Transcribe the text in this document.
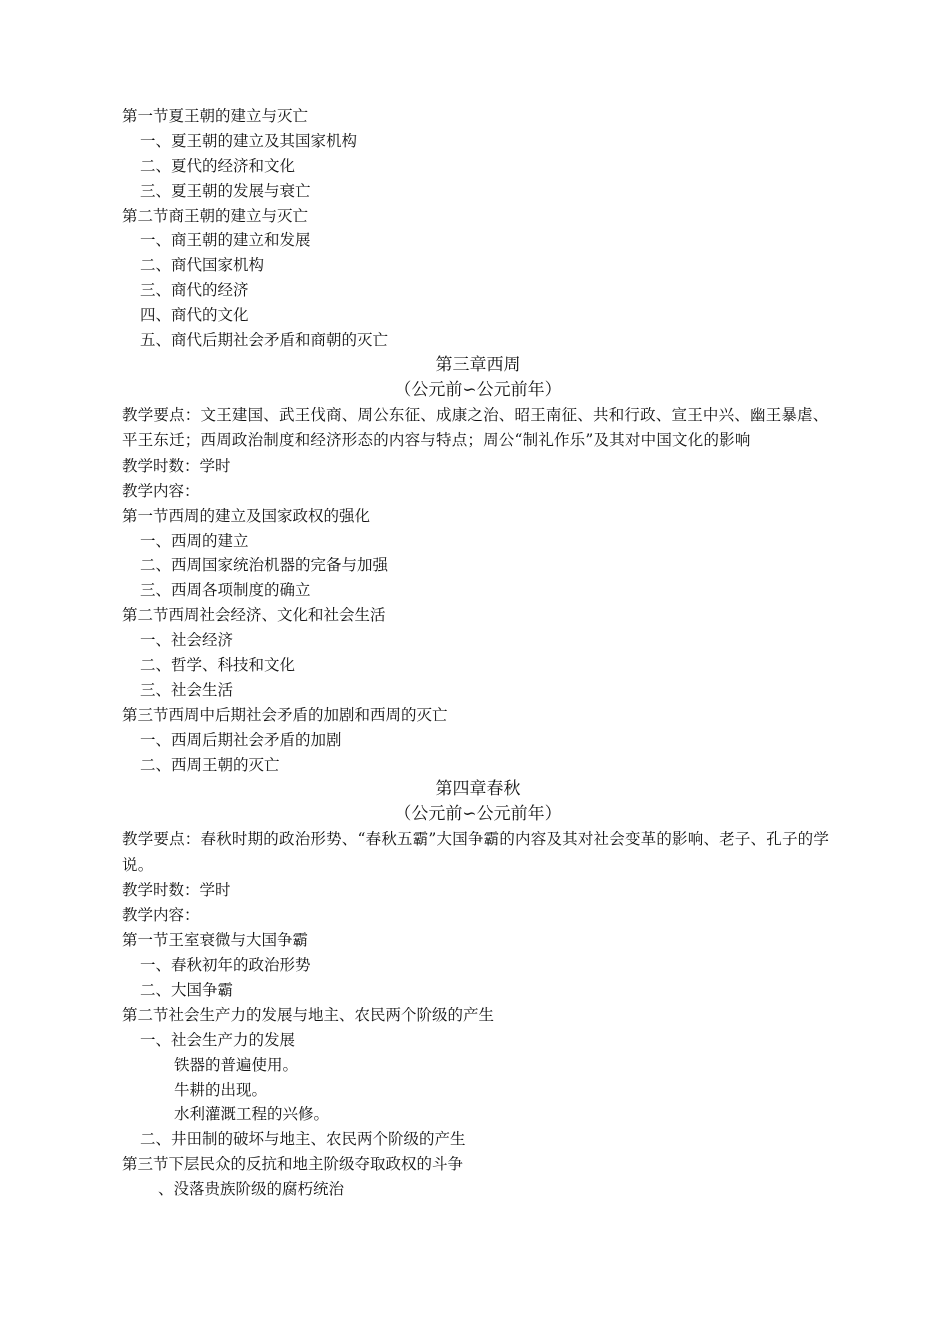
第一节夏王朝的建立与灭亡
一、夏王朝的建立及其国家机构
二、夏代的经济和文化
三、夏王朝的发展与衰亡
第二节商王朝的建立与灭亡
一、商王朝的建立和发展
二、商代国家机构
三、商代的经济
四、商代的文化
五、商代后期社会矛盾和商朝的灭亡
第三章西周
（公元前∽公元前年）
教学要点：文王建国、武王伐商、周公东征、成康之治、昭王南征、共和行政、宣王中兴、幽王暴虐、平王东迁；西周政治制度和经济形态的内容与特点；周公“制礼作乐”及其对中国文化的影响
教学时数：学时
教学内容：
第一节西周的建立及国家政权的强化
一、西周的建立
二、西周国家统治机器的完备与加强
三、西周各项制度的确立
第二节西周社会经济、文化和社会生活
一、社会经济
二、哲学、科技和文化
三、社会生活
第三节西周中后期社会矛盾的加剧和西周的灭亡
一、西周后期社会矛盾的加剧
二、西周王朝的灭亡
第四章春秋
（公元前∽公元前年）
教学要点：春秋时期的政治形势、“春秋五霸”大国争霸的内容及其对社会变革的影响、老子、孔子的学说。
教学时数：学时
教学内容：
第一节王室衰微与大国争霸
一、春秋初年的政治形势
二、大国争霸
第二节社会生产力的发展与地主、农民两个阶级的产生
一、社会生产力的发展
铁器的普遍使用。
牛耕的出现。
水利灌溉工程的兴修。
二、井田制的破坏与地主、农民两个阶级的产生
第三节下层民众的反抗和地主阶级夺取政权的斗争
、没落贵族阶级的腐朽统治
